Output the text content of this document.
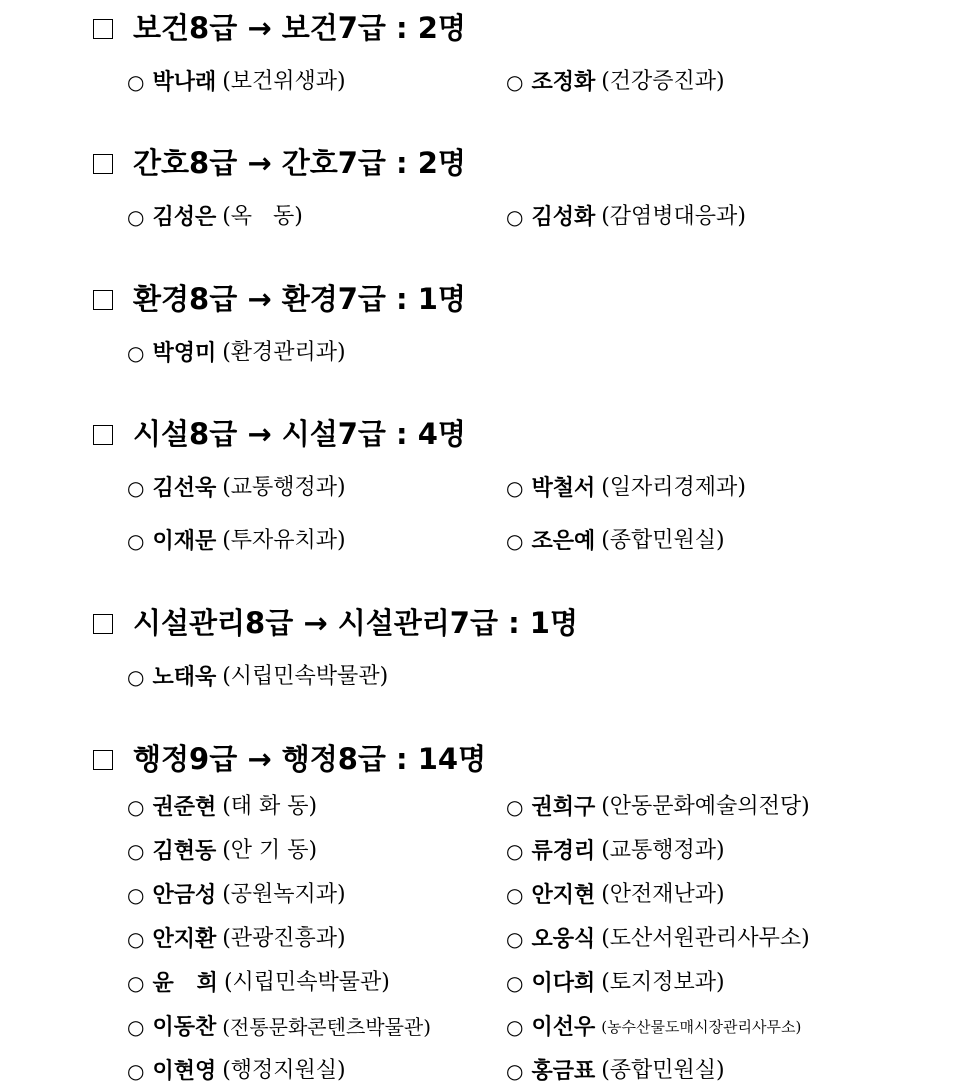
보건8급 → 보건7급 : 2명
○ 박나래 (보건위생과)	○ 조정화 (건강증진과)
간호8급 → 간호7급 : 2명
○ 김성은 (옥   동)	○ 김성화 (감염병대응과)
환경8급 → 환경7급 : 1명
○ 박영미 (환경관리과)
시설8급 → 시설7급 : 4명
○ 김선욱 (교통행정과)	○ 박철서 (일자리경제과)
○ 이재문 (투자유치과)	○ 조은예 (종합민원실)
시설관리8급 → 시설관리7급 : 1명
○ 노태욱 (시립민속박물관)
행정9급 → 행정8급 : 14명
○ 권준현 (태 화 동)	○ 권희구 (안동문화예술의전당)
○ 김현동 (안 기 동)	○ 류경리 (교통행정과)
○ 안금성 (공원녹지과)	○ 안지현 (안전재난과)
○ 안지환 (관광진흥과)	○ 오웅식 (도산서원관리사무소)
○ 윤   희 (시립민속박물관)	○ 이다희 (토지정보과)
○ 이동찬 (전통문화콘텐츠박물관)	○ 이선우 (농수산물도매시장관리사무소)
○ 이현영 (행정지원실)	○ 홍금표 (종합민원실)
